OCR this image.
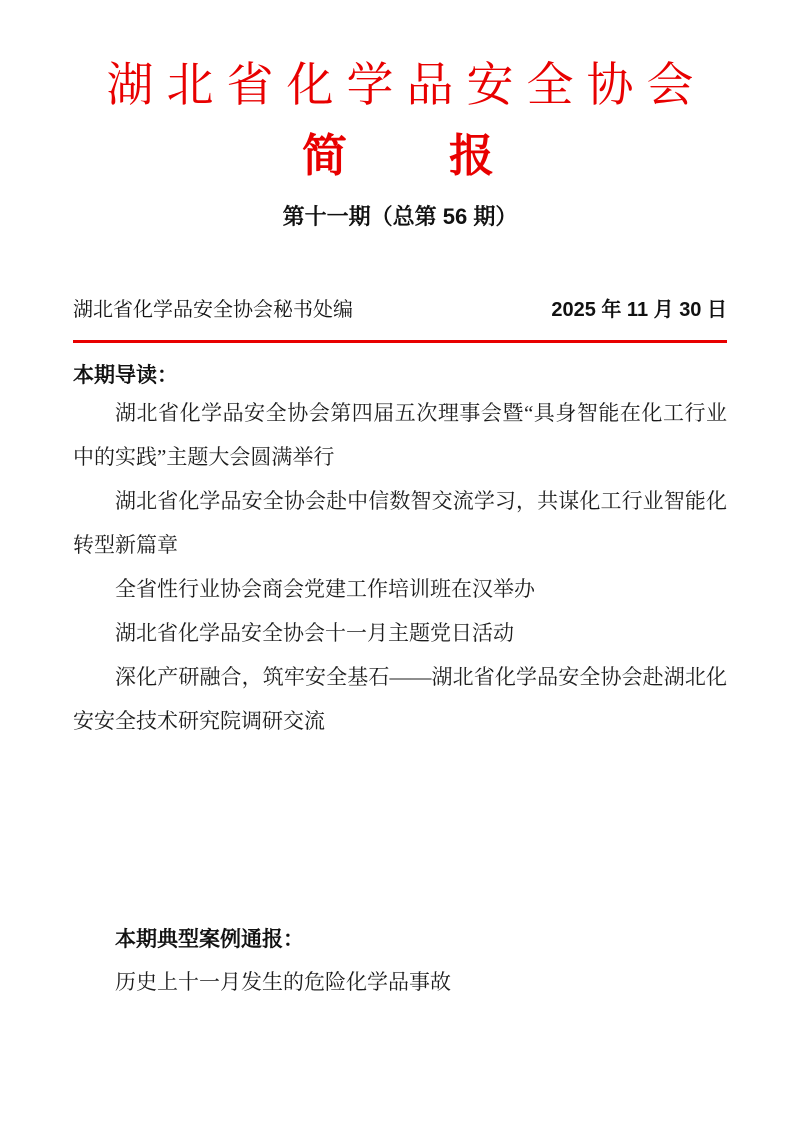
湖北省化学品安全协会
简　　报
第十一期（总第 56 期）
湖北省化学品安全协会秘书处编	2025 年 11 月 30 日
本期导读：

湖北省化学品安全协会第四届五次理事会暨“具身智能在化工行业中的实践”主题大会圆满举行

湖北省化学品安全协会赴中信数智交流学习，共谋化工行业智能化转型新篇章

全省性行业协会商会党建工作培训班在汉举办

湖北省化学品安全协会十一月主题党日活动

深化产研融合，筑牢安全基石——湖北省化学品安全协会赴湖北化安安全技术研究院调研交流

本期典型案例通报：

历史上十一月发生的危险化学品事故
